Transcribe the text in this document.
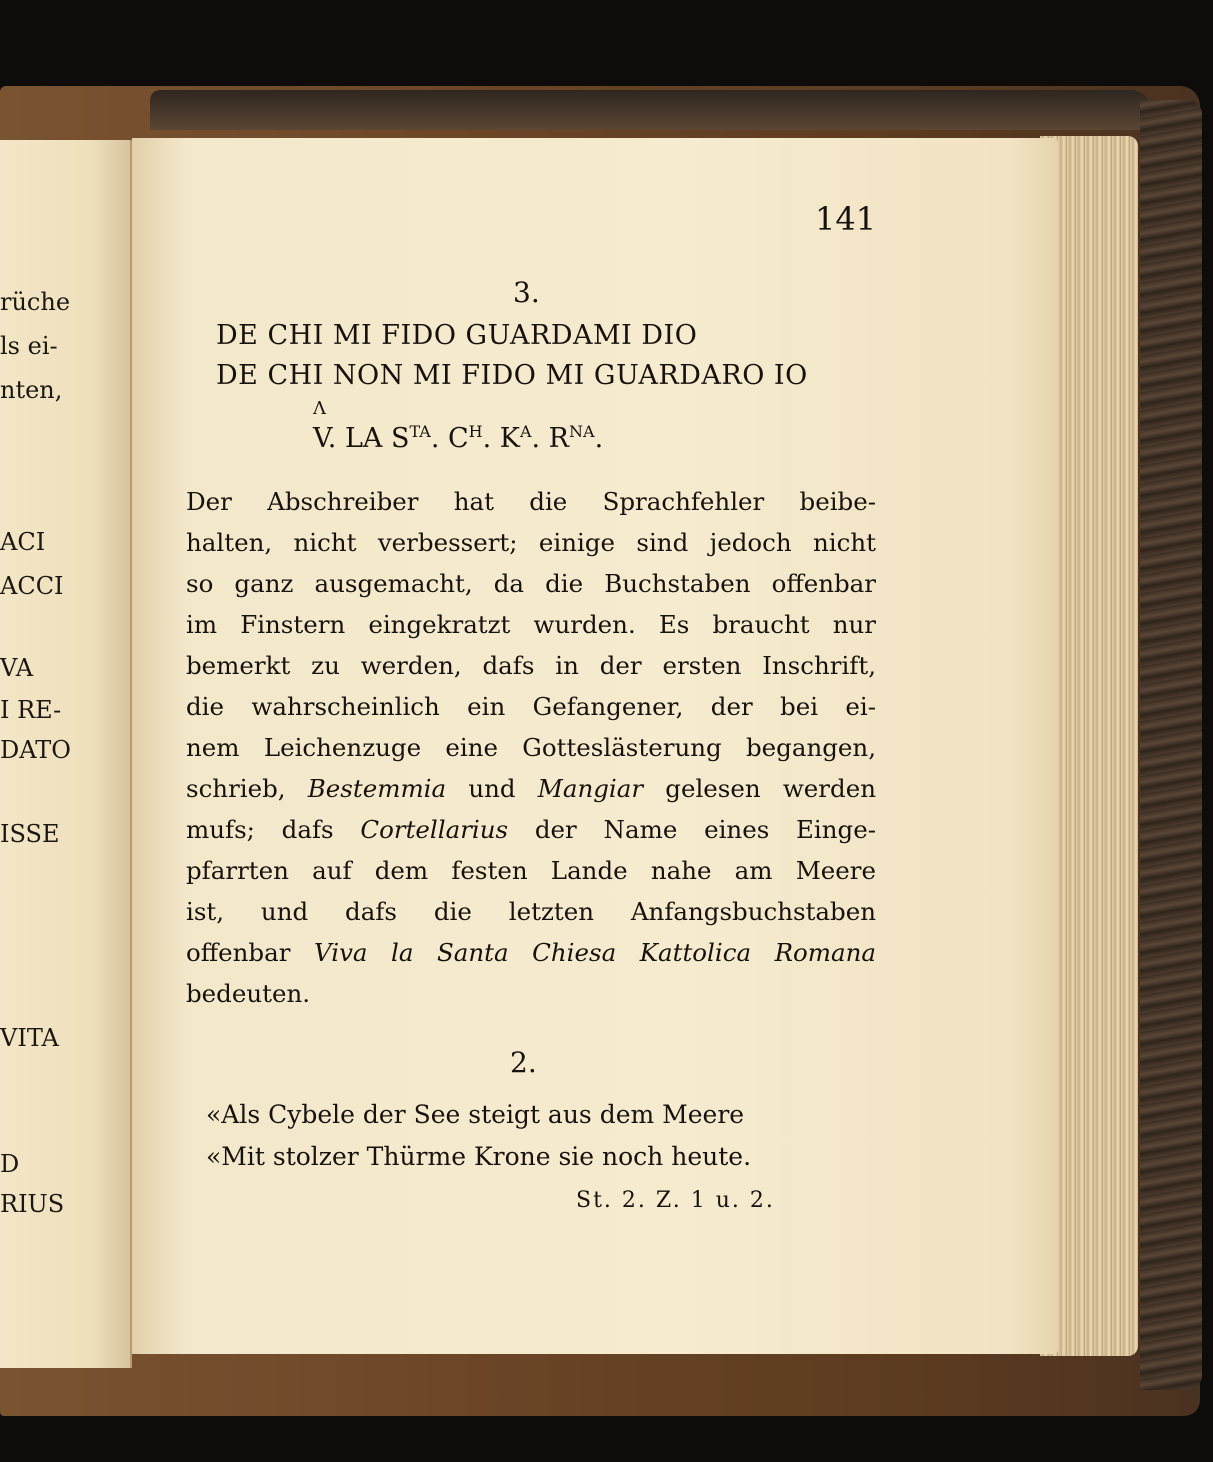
rüche
ls ei-
nten,
ACI
ACCI
VA
I RE-
DATO
ISSE
VITA
D
RIUS
141
3.
DE CHI MI FIDO GUARDAMI DIO
DE CHI NON MI FIDO MI GUARDARO IO
Λ
V. LA $S^{TA}$. $C^H$. $K^A$. $R^{NA}$.
Der Abschreiber hat die Sprachfehler beibe-
halten, nicht verbessert; einige sind jedoch nicht
so ganz ausgemacht, da die Buchstaben offenbar
im Finstern eingekratzt wurden. Es braucht nur
bemerkt zu werden, dafs in der ersten Inschrift,
die wahrscheinlich ein Gefangener, der bei ei-
nem Leichenzuge eine Gotteslästerung begangen,
schrieb, Bestemmia und Mangiar gelesen werden
mufs; dafs Cortellarius der Name eines Einge-
pfarrten auf dem festen Lande nahe am Meere
ist, und dafs die letzten Anfangsbuchstaben
offenbar Viva la Santa Chiesa Kattolica Romana
bedeuten.
2.
«Als Cybele der See steigt aus dem Meere
«Mit stolzer Thürme Krone sie noch heute.
St. 2. Z. 1 u. 2.
